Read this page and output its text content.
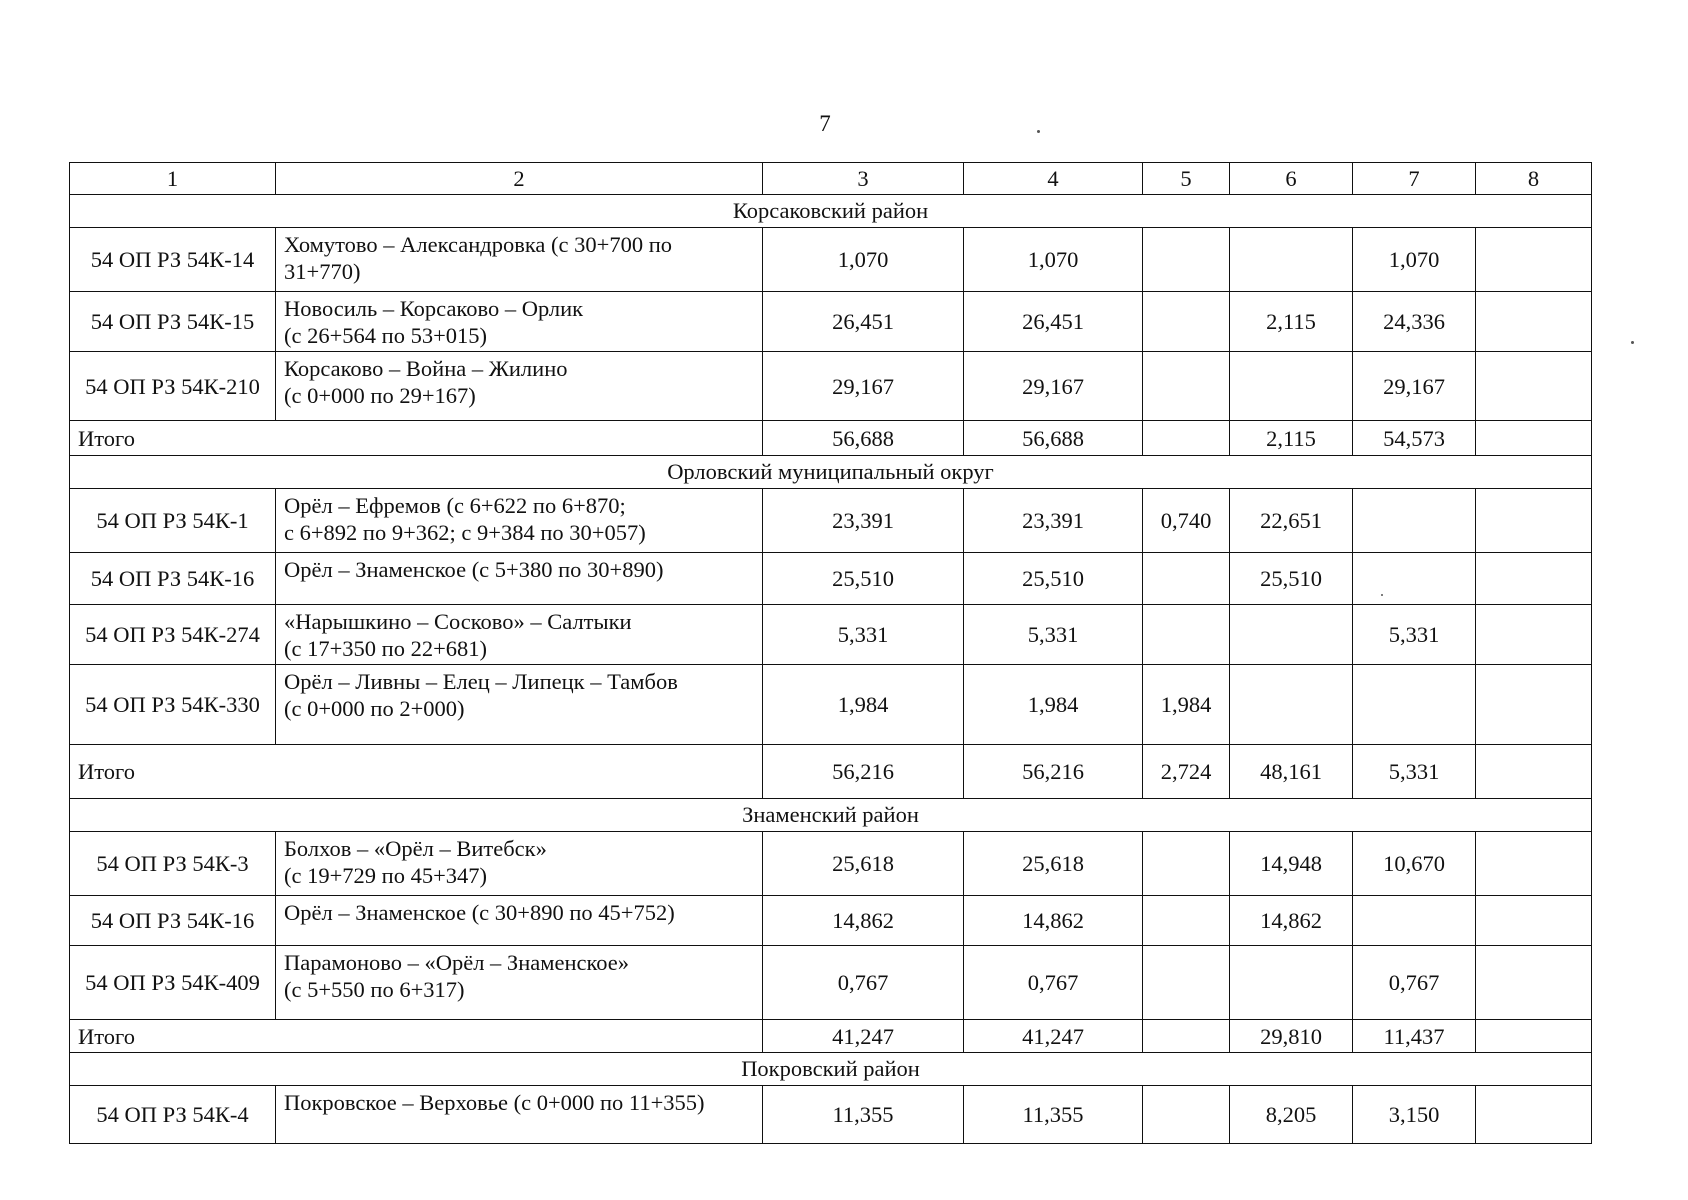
7
1	2	3	4	5	6	7	8
Корсаковский район							
54 ОП РЗ 54К-14	Хомутово – Александровка (с 30+700 по
31+770)	1,070	1,070			1,070	
54 ОП РЗ 54К-15	Новосиль – Корсаково – Орлик
(с 26+564 по 53+015)	26,451	26,451		2,115	24,336	
54 ОП РЗ 54К-210	Корсаково – Война – Жилино
(с 0+000 по 29+167)	29,167	29,167			29,167	
Итого		56,688	56,688		2,115	54,573	
Орловский муниципальный округ							
54 ОП РЗ 54К-1	Орёл – Ефремов (с 6+622 по 6+870;
с 6+892 по 9+362; с 9+384 по 30+057)	23,391	23,391	0,740	22,651		
54 ОП РЗ 54К-16	Орёл – Знаменское (с 5+380 по 30+890)	25,510	25,510		25,510		
54 ОП РЗ 54К-274	«Нарышкино – Сосково» – Салтыки
(с 17+350 по 22+681)	5,331	5,331			5,331	
54 ОП РЗ 54К-330	Орёл – Ливны – Елец – Липецк – Тамбов
(с 0+000 по 2+000)	1,984	1,984	1,984			
Итого		56,216	56,216	2,724	48,161	5,331	
Знаменский район							
54 ОП РЗ 54К-3	Болхов – «Орёл – Витебск»
(с 19+729 по 45+347)	25,618	25,618		14,948	10,670	
54 ОП РЗ 54К-16	Орёл – Знаменское (с 30+890 по 45+752)	14,862	14,862		14,862		
54 ОП РЗ 54К-409	Парамоново – «Орёл – Знаменское»
(с 5+550 по 6+317)	0,767	0,767			0,767	
Итого		41,247	41,247		29,810	11,437	
Покровский район							
54 ОП РЗ 54К-4	Покровское – Верховье (с 0+000 по 11+355)	11,355	11,355		8,205	3,150	
